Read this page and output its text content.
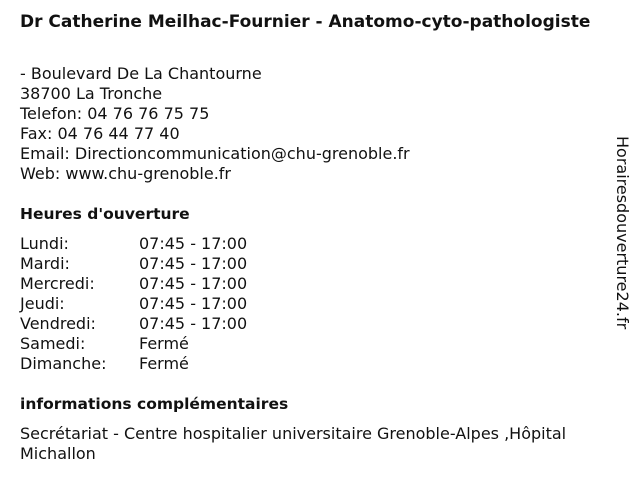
Dr Catherine Meilhac-Fournier - Anatomo-cyto-pathologiste
- Boulevard De La Chantourne
38700 La Tronche
Telefon: 04 76 76 75 75
Fax: 04 76 44 77 40
Email: Directioncommunication@chu-grenoble.fr
Web: www.chu-grenoble.fr
Heures d'ouverture
Lundi:	07:45 - 17:00
Mardi:	07:45 - 17:00
Mercredi:	07:45 - 17:00
Jeudi:	07:45 - 17:00
Vendredi:	07:45 - 17:00
Samedi:	Fermé
Dimanche:	Fermé
informations complémentaires
Secrétariat - Centre hospitalier universitaire Grenoble-Alpes ,Hôpital Michallon
Horairesdouverture24.fr
